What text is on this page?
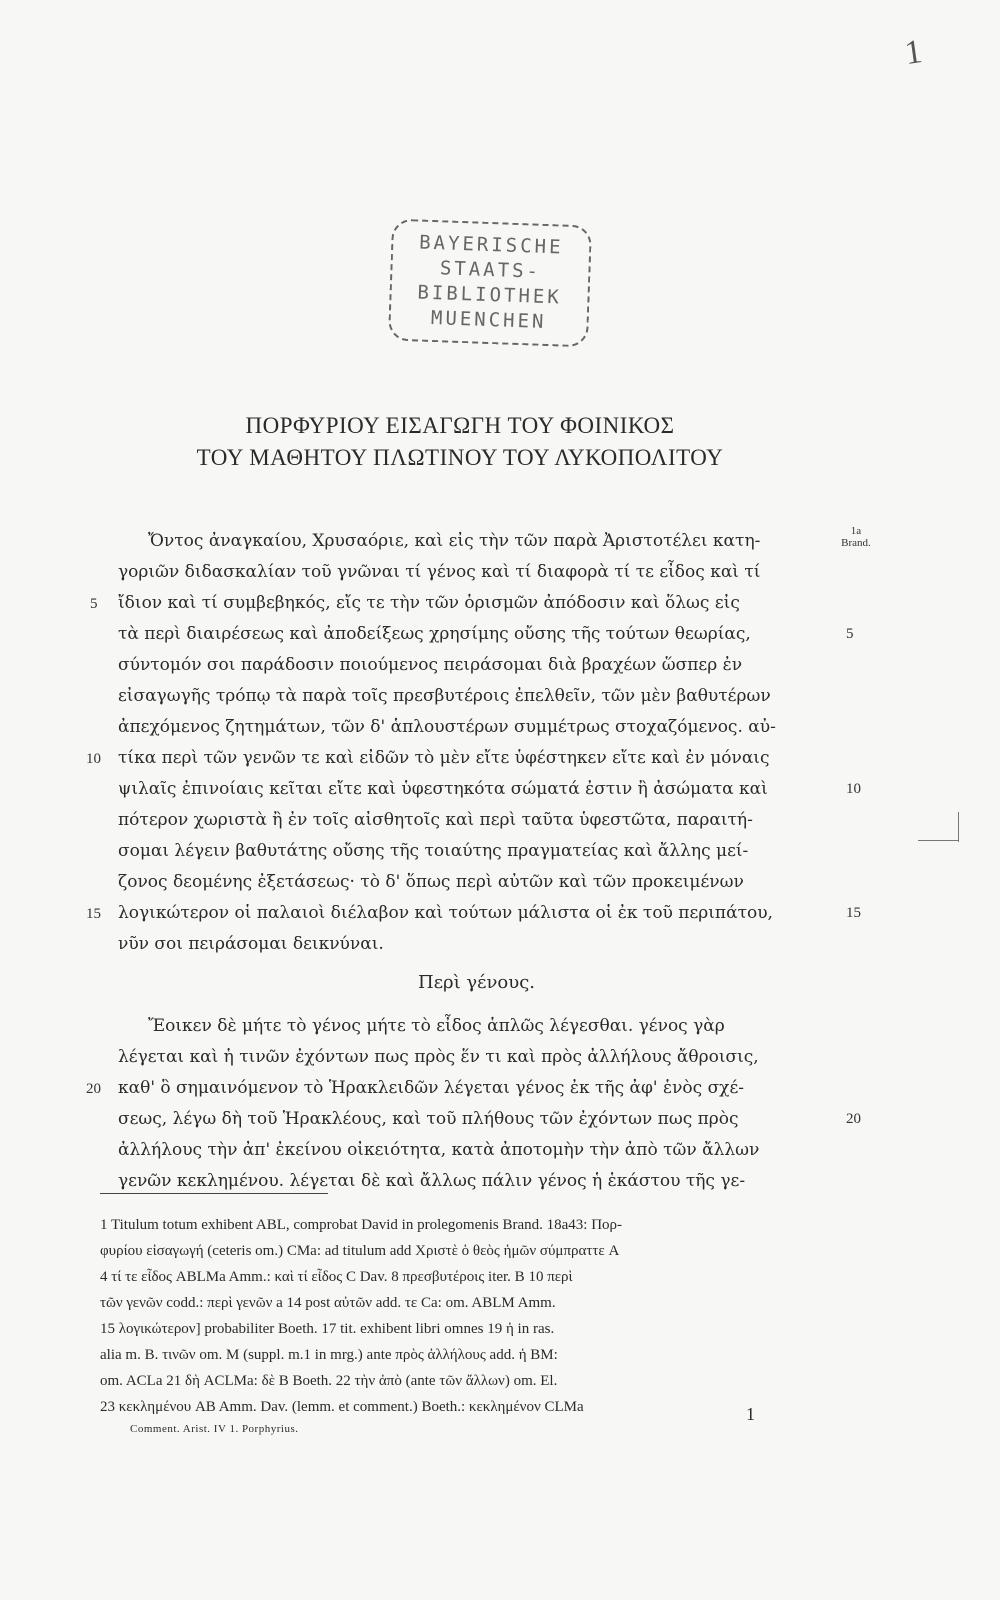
1
BAYERISCHE
STAATS-
BIBLIOTHEK
MUENCHEN
ΠΟΡΦΥΡΙΟΥ ΕΙΣΑΓΩΓΗ ΤΟΥ ΦΟΙΝΙΚΟΣ
ΤΟΥ ΜΑΘΗΤΟΥ ΠΛΩΤΙΝΟΥ ΤΟΥ ΛΥΚΟΠΟΛΙΤΟΥ
1a
Brand.
Ὄντος ἀναγκαίου, Χρυσαόριε, καὶ εἰς τὴν τῶν παρὰ Ἀριστοτέλει κατη-
γοριῶν διδασκαλίαν τοῦ γνῶναι τί γένος καὶ τί διαφορὰ τί τε εἶδος καὶ τί
ἴδιον καὶ τί συμβεβηκός, εἴς τε τὴν τῶν ὁρισμῶν ἀπόδοσιν καὶ ὅλως εἰς
τὰ περὶ διαιρέσεως καὶ ἀποδείξεως χρησίμης οὔσης τῆς τούτων θεωρίας,
σύντομόν σοι παράδοσιν ποιούμενος πειράσομαι διὰ βραχέων ὥσπερ ἐν
εἰσαγωγῆς τρόπῳ τὰ παρὰ τοῖς πρεσβυτέροις ἐπελθεῖν, τῶν μὲν βαθυτέρων
ἀπεχόμενος ζητημάτων, τῶν δ' ἁπλουστέρων συμμέτρως στοχαζόμενος. αὐ-
τίκα περὶ τῶν γενῶν τε καὶ εἰδῶν τὸ μὲν εἴτε ὑφέστηκεν εἴτε καὶ ἐν μόναις
ψιλαῖς ἐπινοίαις κεῖται εἴτε καὶ ὑφεστηκότα σώματά ἐστιν ἢ ἀσώματα καὶ
πότερον χωριστὰ ἢ ἐν τοῖς αἰσθητοῖς καὶ περὶ ταῦτα ὑφεστῶτα, παραιτή-
σομαι λέγειν βαθυτάτης οὔσης τῆς τοιαύτης πραγματείας καὶ ἄλλης μεί-
ζονος δεομένης ἐξετάσεως· τὸ δ' ὅπως περὶ αὐτῶν καὶ τῶν προκειμένων
λογικώτερον οἱ παλαιοὶ διέλαβον καὶ τούτων μάλιστα οἱ ἐκ τοῦ περιπάτου,
νῦν σοι πειράσομαι δεικνύναι.
Περὶ γένους.
Ἔοικεν δὲ μήτε τὸ γένος μήτε τὸ εἶδος ἁπλῶς λέγεσθαι. γένος γὰρ
λέγεται καὶ ἡ τινῶν ἐχόντων πως πρὸς ἕν τι καὶ πρὸς ἀλλήλους ἄθροισις,
καθ' ὃ σημαινόμενον τὸ Ἡρακλειδῶν λέγεται γένος ἐκ τῆς ἀφ' ἑνὸς σχέ-
σεως, λέγω δὴ τοῦ Ἡρακλέους, καὶ τοῦ πλήθους τῶν ἐχόντων πως πρὸς
ἀλλήλους τὴν ἀπ' ἐκείνου οἰκειότητα, κατὰ ἀποτομὴν τὴν ἀπὸ τῶν ἄλλων
γενῶν κεκλημένου. λέγεται δὲ καὶ ἄλλως πάλιν γένος ἡ ἑκάστου τῆς γε-
5
10
15
20
5
10
15
20
1 Titulum totum exhibent ABL, comprobat David in prolegomenis Brand. 18a43: Πορ-
φυρίου εἰσαγωγή (ceteris om.) CMa: ad titulum add Χριστὲ ὁ θεὸς ἡμῶν σύμπραττε A
4 τί τε εἶδος ABLMa Amm.: καὶ τί εἶδος C Dav. 8 πρεσβυτέροις iter. B 10 περὶ
τῶν γενῶν codd.: περὶ γενῶν a 14 post αὐτῶν add. τε Ca: om. ABLM Amm.
15 λογικώτερον] probabiliter Boeth. 17 tit. exhibent libri omnes 19 ἡ in ras.
alia m. B. τινῶν om. M (suppl. m.1 in mrg.) ante πρὸς ἀλλήλους add. ἡ BM:
om. ACLa 21 δὴ ACLMa: δὲ B Boeth. 22 τὴν ἀπὸ (ante τῶν ἄλλων) om. El.
23 κεκλημένου AB Amm. Dav. (lemm. et comment.) Boeth.: κεκλημένον CLMa	1
Comment. Arist. IV 1. Porphyrius.
